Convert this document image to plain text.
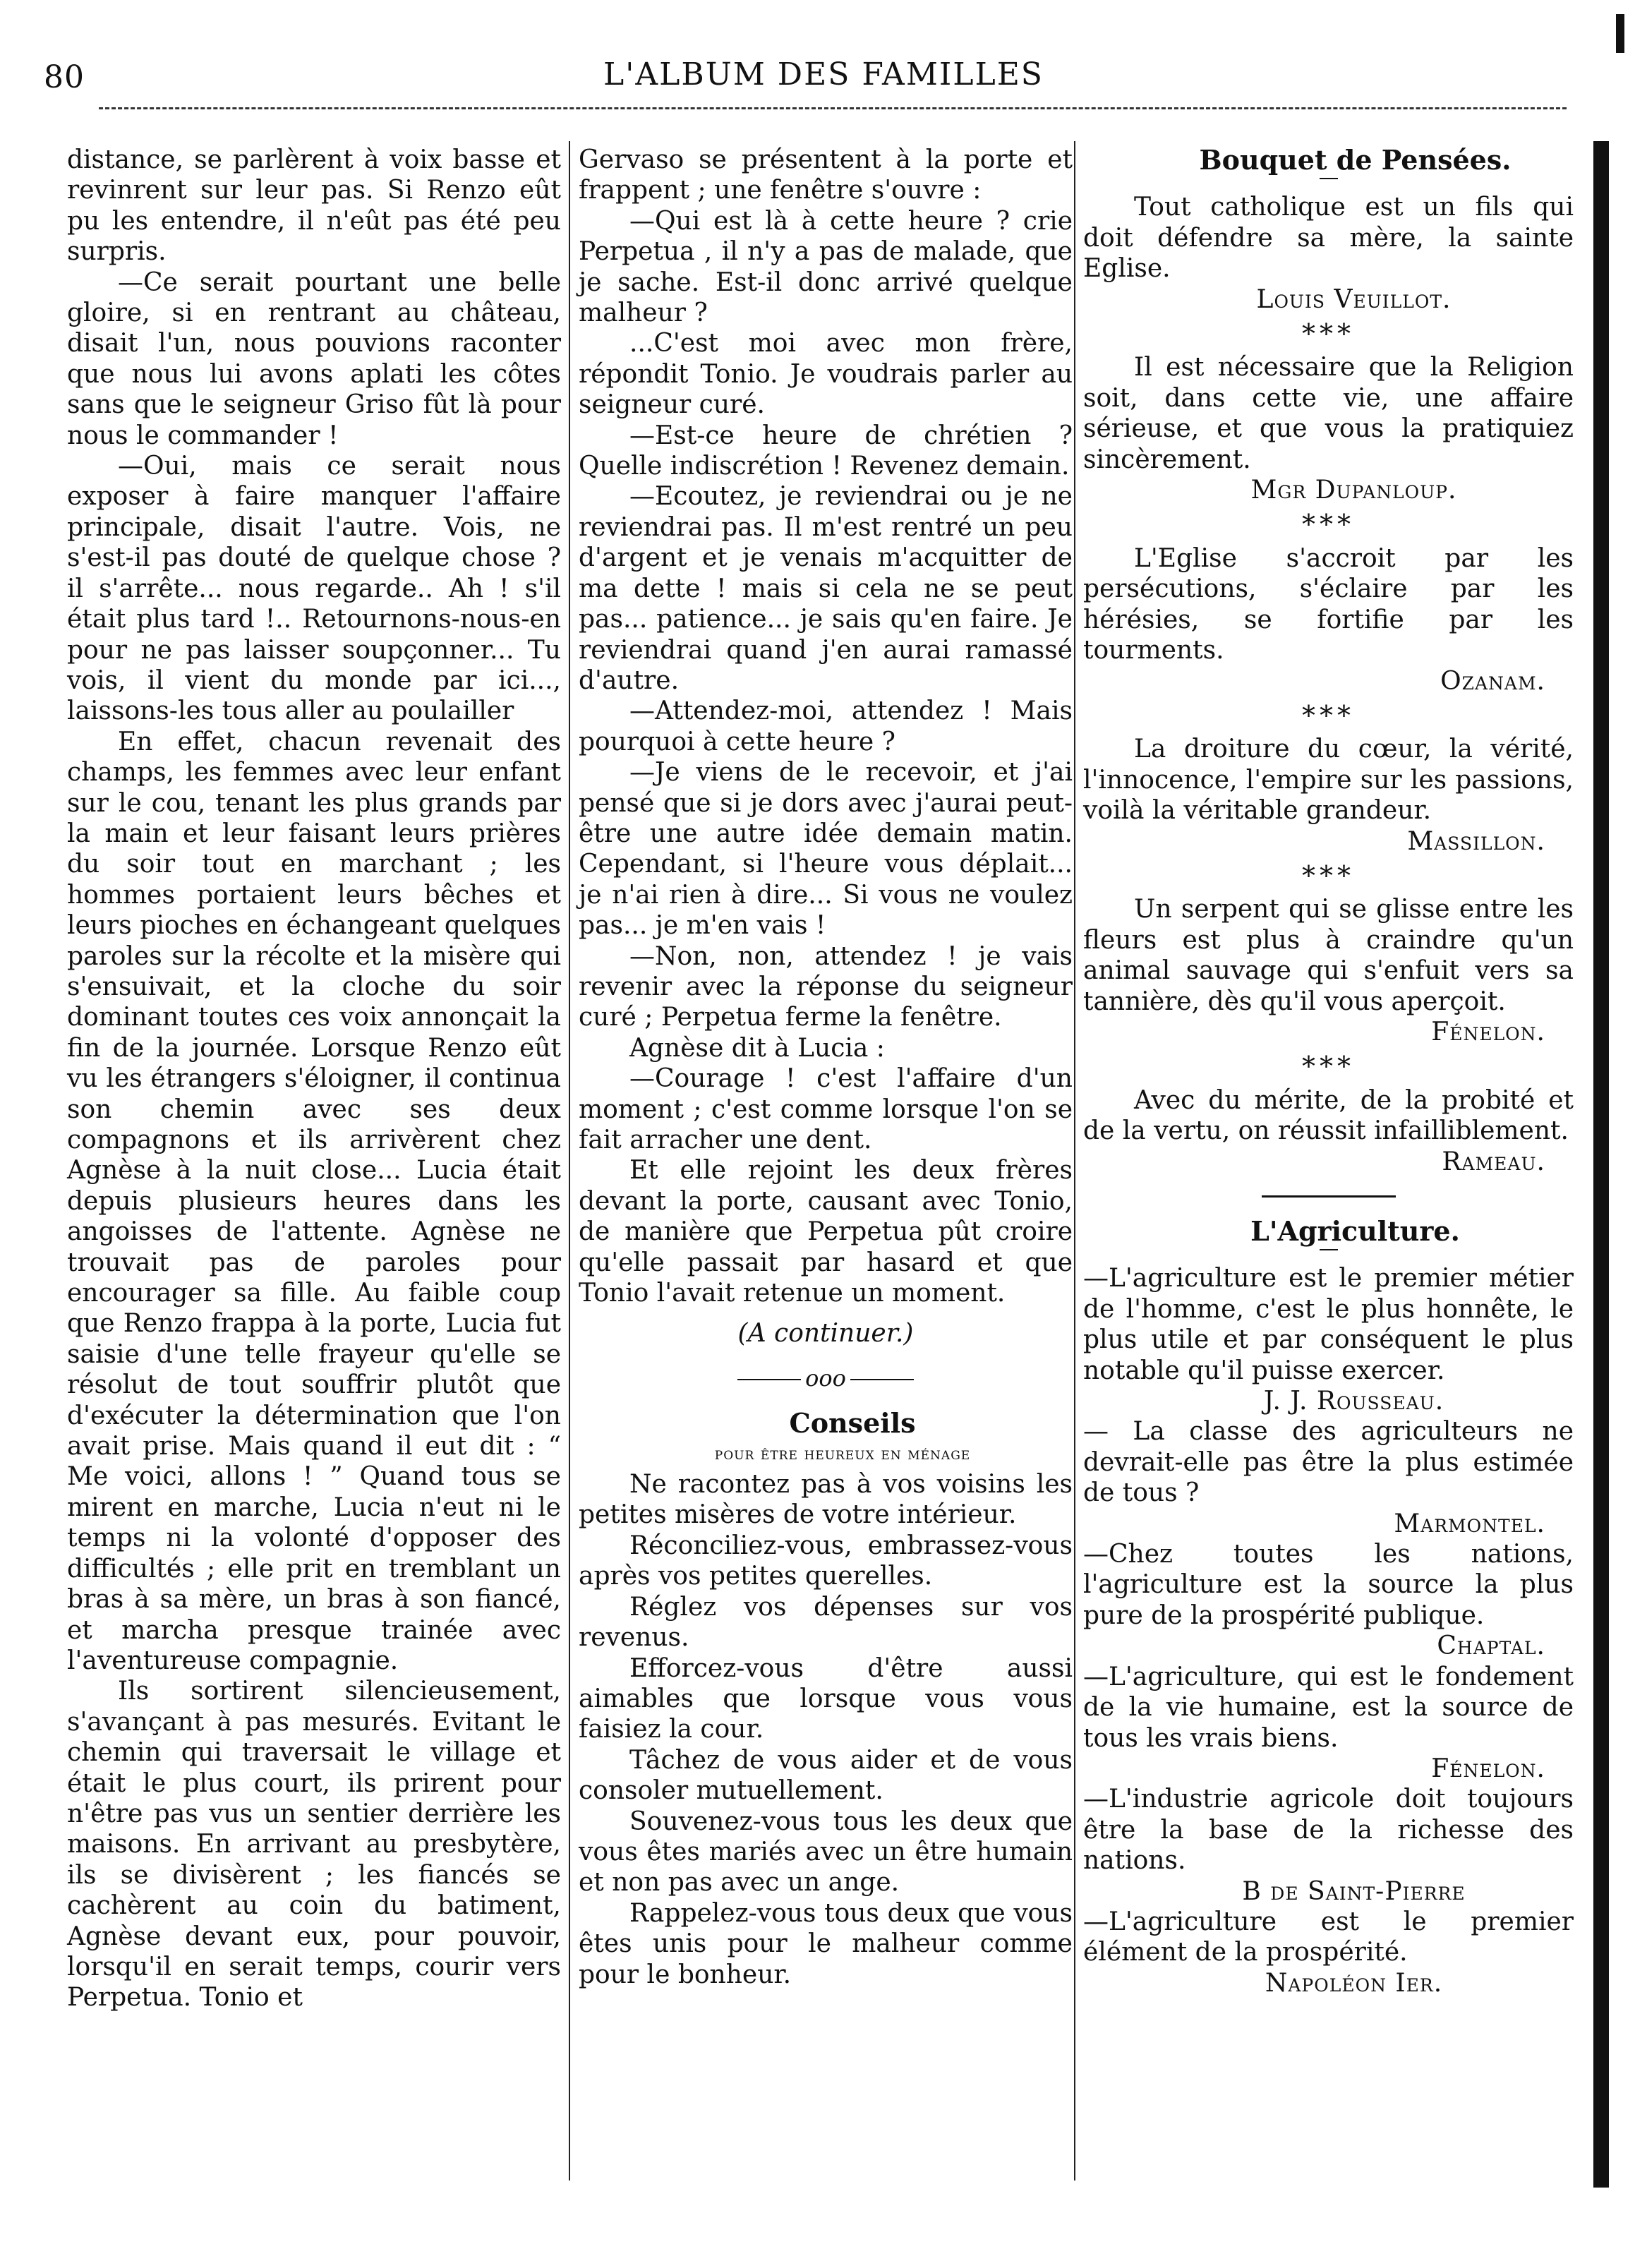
80	L'ALBUM DES FAMILLES

distance, se parlèrent à voix basse et revinrent sur leur pas. Si Renzo eût pu les entendre, il n'eût pas été peu surpris.

—Ce serait pourtant une belle gloire, si en rentrant au château, disait l'un, nous pouvions raconter que nous lui avons aplati les côtes sans que le seigneur Griso fût là pour nous le commander !

—Oui, mais ce serait nous exposer à faire manquer l'affaire principale, disait l'autre. Vois, ne s'est-il pas douté de quelque chose ? il s'arrête... nous regarde.. Ah ! s'il était plus tard !.. Retournons-nous-en pour ne pas laisser soupçonner... Tu vois, il vient du monde par ici..., laissons-les tous aller au poulailler

En effet, chacun revenait des champs, les femmes avec leur enfant sur le cou, tenant les plus grands par la main et leur faisant leurs prières du soir tout en marchant ; les hommes portaient leurs bêches et leurs pioches en échangeant quelques paroles sur la récolte et la misère qui s'ensuivait, et la cloche du soir dominant toutes ces voix annonçait la fin de la journée. Lorsque Renzo eût vu les étrangers s'éloigner, il continua son chemin avec ses deux compagnons et ils arrivèrent chez Agnèse à la nuit close... Lucia était depuis plusieurs heures dans les angoisses de l'attente. Agnèse ne trouvait pas de paroles pour encourager sa fille. Au faible coup que Renzo frappa à la porte, Lucia fut saisie d'une telle frayeur qu'elle se résolut de tout souffrir plutôt que d'exécuter la détermination que l'on avait prise. Mais quand il eut dit : “ Me voici, allons ! ” Quand tous se mirent en marche, Lucia n'eut ni le temps ni la volonté d'opposer des difficultés ; elle prit en tremblant un bras à sa mère, un bras à son fiancé, et marcha presque trainée avec l'aventureuse compagnie.

Ils sortirent silencieusement, s'avançant à pas mesurés. Evitant le chemin qui traversait le village et était le plus court, ils prirent pour n'être pas vus un sentier derrière les maisons. En arrivant au presbytère, ils se divisèrent ; les fiancés se cachèrent au coin du batiment, Agnèse devant eux, pour pouvoir, lorsqu'il en serait temps, courir vers Perpetua. Tonio et

Gervaso se présentent à la porte et frappent ; une fenêtre s'ouvre :

—Qui est là à cette heure ? crie Perpetua , il n'y a pas de malade, que je sache. Est-il donc arrivé quelque malheur ?

...C'est moi avec mon frère, répondit Tonio. Je voudrais parler au seigneur curé.

—Est-ce heure de chrétien ? Quelle indiscrétion ! Revenez demain.

—Ecoutez, je reviendrai ou je ne reviendrai pas. Il m'est rentré un peu d'argent et je venais m'acquitter de ma dette ! mais si cela ne se peut pas... patience... je sais qu'en faire. Je reviendrai quand j'en aurai ramassé d'autre.

—Attendez-moi, attendez ! Mais pourquoi à cette heure ?

—Je viens de le recevoir, et j'ai pensé que si je dors avec j'aurai peut-être une autre idée demain matin. Cependant, si l'heure vous déplait... je n'ai rien à dire... Si vous ne voulez pas... je m'en vais !

—Non, non, attendez ! je vais revenir avec la réponse du seigneur curé ; Perpetua ferme la fenêtre.

Agnèse dit à Lucia :

—Courage ! c'est l'affaire d'un moment ; c'est comme lorsque l'on se fait arracher une dent.

Et elle rejoint les deux frères devant la porte, causant avec Tonio, de manière que Perpetua pût croire qu'elle passait par hasard et que Tonio l'avait retenue un moment.

(A continuer.)

ooo

Conseils

pour être heureux en ménage

Ne racontez pas à vos voisins les petites misères de votre intérieur.

Réconciliez-vous, embrassez-vous après vos petites querelles.

Réglez vos dépenses sur vos revenus.

Efforcez-vous d'être aussi aimables que lorsque vous vous faisiez la cour.

Tâchez de vous aider et de vous consoler mutuellement.

Souvenez-vous tous les deux que vous êtes mariés avec un être humain et non pas avec un ange.

Rappelez-vous tous deux que vous êtes unis pour le malheur comme pour le bonheur.

Bouquet de Pensées.

Tout catholique est un fils qui doit défendre sa mère, la sainte Eglise.

Louis Veuillot.

***

Il est nécessaire que la Religion soit, dans cette vie, une affaire sérieuse, et que vous la pratiquiez sincèrement.

Mgr Dupanloup.

***

L'Eglise s'accroit par les persécutions, s'éclaire par les hérésies, se fortifie par les tourments.

Ozanam.

***

La droiture du cœur, la vérité, l'innocence, l'empire sur les passions, voilà la véritable grandeur.

Massillon.

***

Un serpent qui se glisse entre les fleurs est plus à craindre qu'un animal sauvage qui s'enfuit vers sa tannière, dès qu'il vous aperçoit.

Fénelon.

***

Avec du mérite, de la probité et de la vertu, on réussit infailliblement.

Rameau.

L'Agriculture.

—L'agriculture est le premier métier de l'homme, c'est le plus honnête, le plus utile et par conséquent le plus notable qu'il puisse exercer.

J. J. Rousseau.

— La classe des agriculteurs ne devrait-elle pas être la plus estimée de tous ?

Marmontel.

—Chez toutes les nations, l'agriculture est la source la plus pure de la prospérité publique.

Chaptal.

—L'agriculture, qui est le fondement de la vie humaine, est la source de tous les vrais biens.

Fénelon.

—L'industrie agricole doit toujours être la base de la richesse des nations.

B de Saint-Pierre

—L'agriculture est le premier élément de la prospérité.

Napoléon Ier.
